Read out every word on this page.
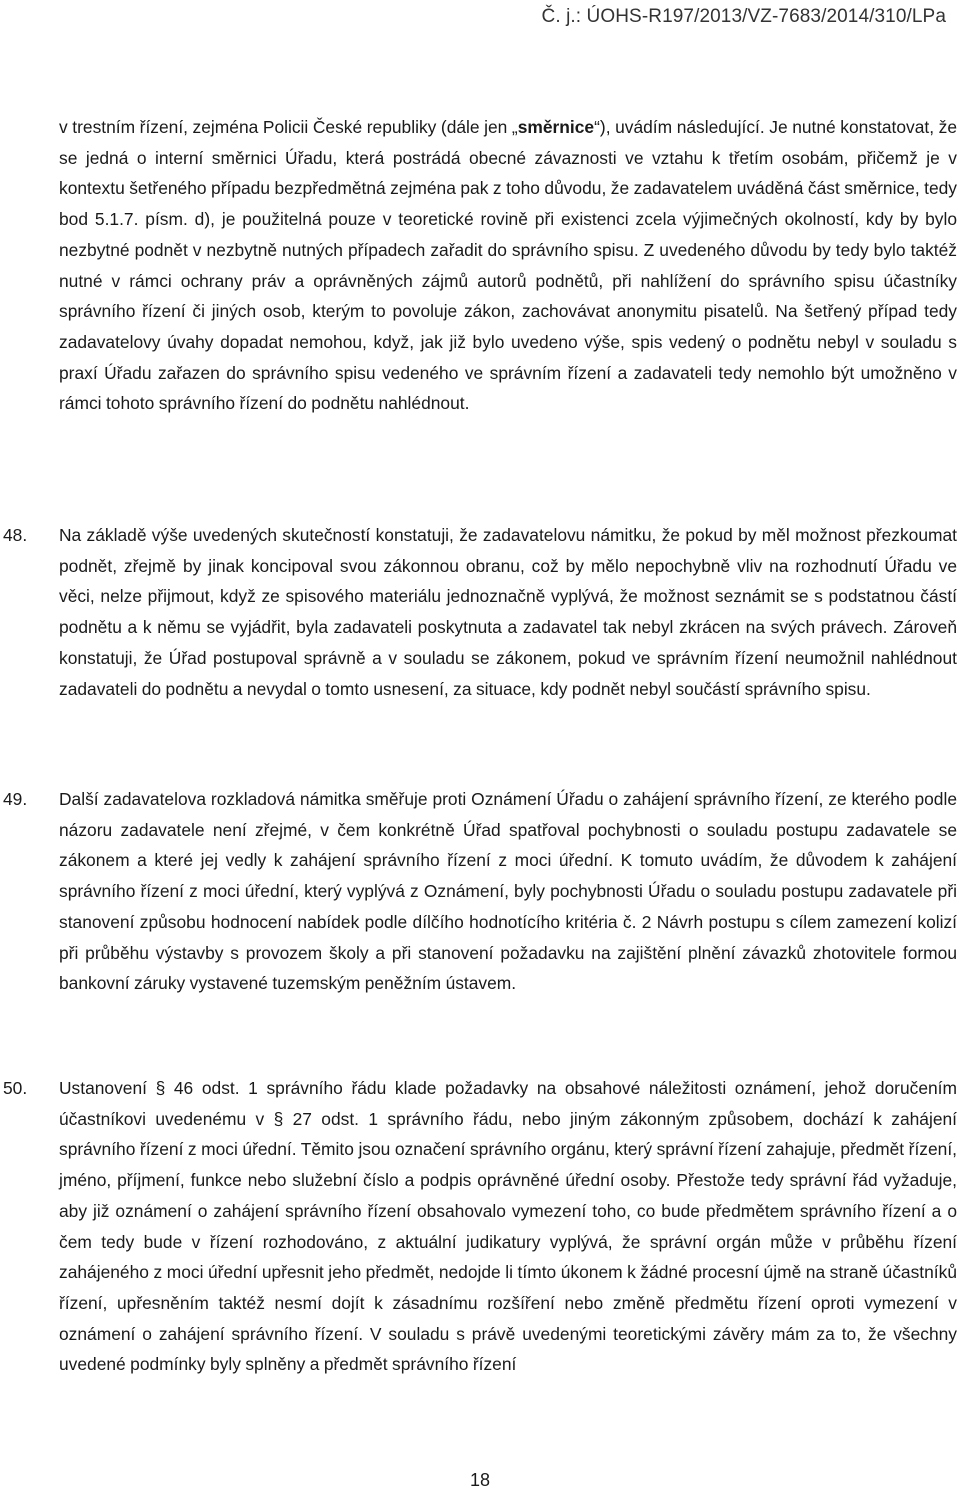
Č. j.: ÚOHS-R197/2013/VZ-7683/2014/310/LPa
v trestním řízení, zejména Policii České republiky (dále jen „směrnice“), uvádím následující. Je nutné konstatovat, že se jedná o interní směrnici Úřadu, která postrádá obecné závaznosti ve vztahu k třetím osobám, přičemž je v kontextu šetřeného případu bezpředmětná zejména pak z toho důvodu, že zadavatelem uváděná část směrnice, tedy bod 5.1.7. písm. d), je použitelná pouze v teoretické rovině při existenci zcela výjimečných okolností, kdy by bylo nezbytné podnět v nezbytně nutných případech zařadit do správního spisu. Z uvedeného důvodu by tedy bylo taktéž nutné v rámci ochrany práv a oprávněných zájmů autorů podnětů, při nahlížení do správního spisu účastníky správního řízení či jiných osob, kterým to povoluje zákon, zachovávat anonymitu pisatelů. Na šetřený případ tedy zadavatelovy úvahy dopadat nemohou, když, jak již bylo uvedeno výše, spis vedený o podnětu nebyl v souladu s praxí Úřadu zařazen do správního spisu vedeného ve správním řízení a zadavateli tedy nemohlo být umožněno v rámci tohoto správního řízení do podnětu nahlédnout.
48. Na základě výše uvedených skutečností konstatuji, že zadavatelovu námitku, že pokud by měl možnost přezkoumat podnět, zřejmě by jinak koncipoval svou zákonnou obranu, což by mělo nepochybně vliv na rozhodnutí Úřadu ve věci, nelze přijmout, když ze spisového materiálu jednoznačně vyplývá, že možnost seznámit se s podstatnou částí podnětu a k němu se vyjádřit, byla zadavateli poskytnuta a zadavatel tak nebyl zkrácen na svých právech. Zároveň konstatuji, že Úřad postupoval správně a v souladu se zákonem, pokud ve správním řízení neumožnil nahlédnout zadavateli do podnětu a nevydal o tomto usnesení, za situace, kdy podnět nebyl součástí správního spisu.
49. Další zadavatelova rozkladová námitka směřuje proti Oznámení Úřadu o zahájení správního řízení, ze kterého podle názoru zadavatele není zřejmé, v čem konkrétně Úřad spatřoval pochybnosti o souladu postupu zadavatele se zákonem a které jej vedly k zahájení správního řízení z moci úřední. K tomuto uvádím, že důvodem k zahájení správního řízení z moci úřední, který vyplývá z Oznámení, byly pochybnosti Úřadu o souladu postupu zadavatele při stanovení způsobu hodnocení nabídek podle dílčího hodnotícího kritéria č. 2 Návrh postupu s cílem zamezení kolizí při průběhu výstavby s provozem školy a při stanovení požadavku na zajištění plnění závazků zhotovitele formou bankovní záruky vystavené tuzemským peněžním ústavem.
50. Ustanovení § 46 odst. 1 správního řádu klade požadavky na obsahové náležitosti oznámení, jehož doručením účastníkovi uvedenému v § 27 odst. 1 správního řádu, nebo jiným zákonným způsobem, dochází k zahájení správního řízení z moci úřední. Těmito jsou označení správního orgánu, který správní řízení zahajuje, předmět řízení, jméno, příjmení, funkce nebo služební číslo a podpis oprávněné úřední osoby. Přestože tedy správní řád vyžaduje, aby již oznámení o zahájení správního řízení obsahovalo vymezení toho, co bude předmětem správního řízení a o čem tedy bude v řízení rozhodováno, z aktuální judikatury vyplývá, že správní orgán může v průběhu řízení zahájeného z moci úřední upřesnit jeho předmět, nedojde li tímto úkonem k žádné procesní újmě na straně účastníků řízení, upřesněním taktéž nesmí dojít k zásadnímu rozšíření nebo změně předmětu řízení oproti vymezení v oznámení o zahájení správního řízení. V souladu s právě uvedenými teoretickými závěry mám za to, že všechny uvedené podmínky byly splněny a předmět správního řízení
18
